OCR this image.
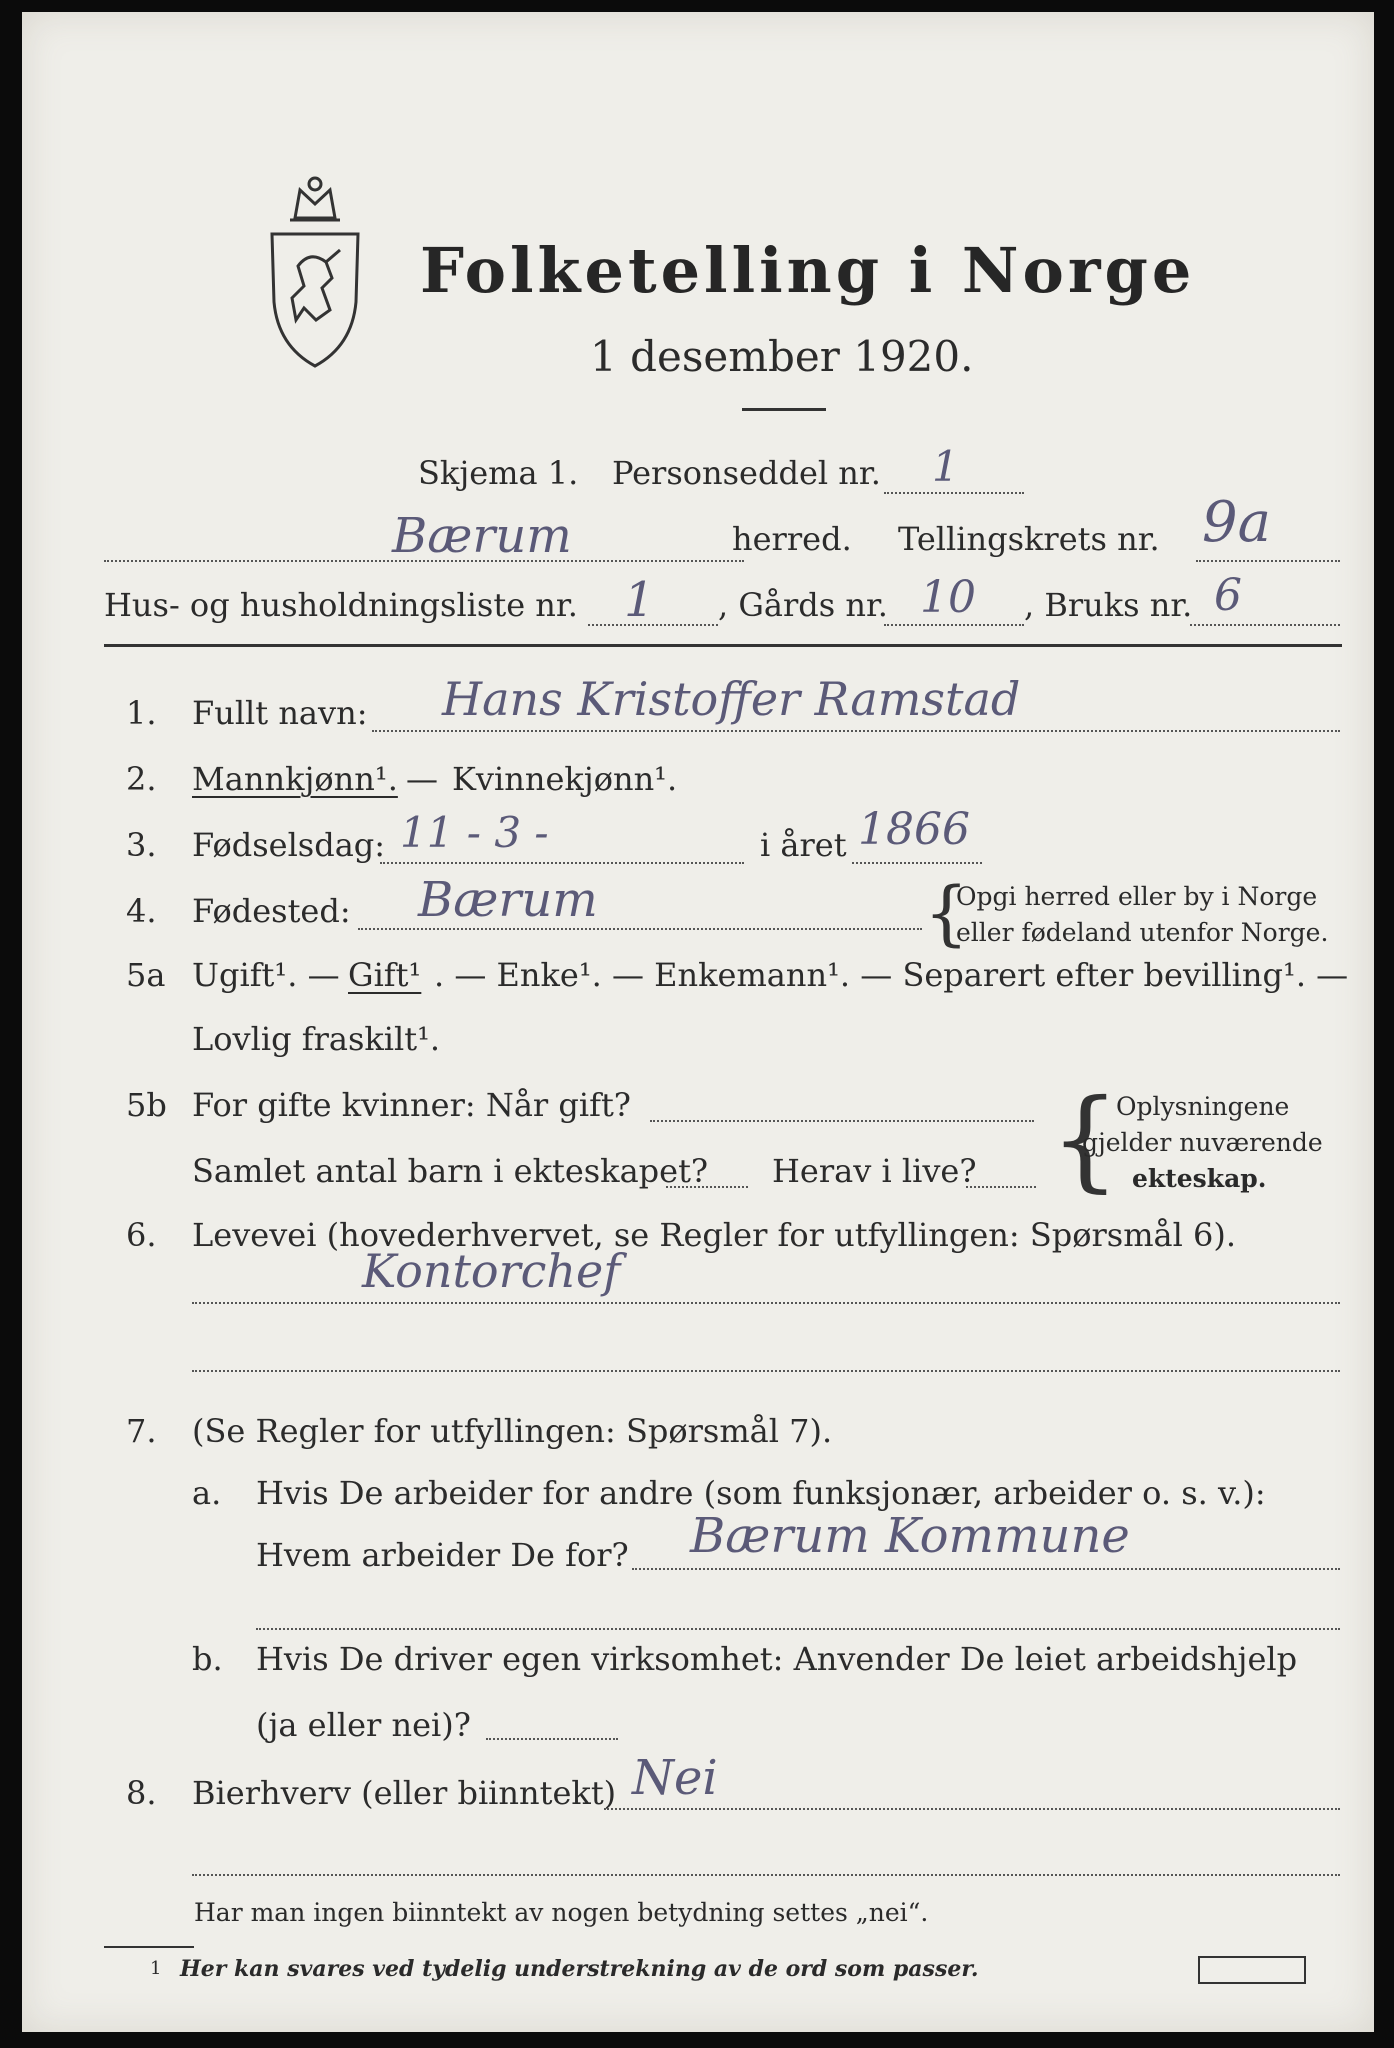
Folketelling i Norge
1 desember 1920.
Skjema 1. Personseddel nr. 1
Bærum	herred. Tellingskrets nr. 9a
Hus- og husholdningsliste nr. 1 , Gårds nr. 10 , Bruks nr. 6
1. Fullt navn: Hans Kristoffer Ramstad
2. Mannkjønn¹. — Kvinnekjønn¹.
3. Fødselsdag: 11 - 3 -	i året 1866
4. Fødested: Bærum	{
Opgi herred eller by i Norge
eller fødeland utenfor Norge.
5a Ugift¹. — Gift¹ . — Enke¹. — Enkemann¹. — Separert efter bevilling¹. —
Lovlig fraskilt¹.
5b For gifte kvinner: Når gift?
Samlet antal barn i ekteskapet? Herav i live? {
Oplysningene
gjelder nuværende
ekteskap.
6. Levevei (hovederhvervet, se Regler for utfyllingen: Spørsmål 6).
Kontorchef
7. (Se Regler for utfyllingen: Spørsmål 7).
a. Hvis De arbeider for andre (som funksjonær, arbeider o. s. v.):
Hvem arbeider De for? Bærum Kommune
b. Hvis De driver egen virksomhet: Anvender De leiet arbeidshjelp
(ja eller nei)?
8. Bierhverv (eller biinntekt) Nei
Har man ingen biinntekt av nogen betydning settes „nei“.
1 Her kan svares ved tydelig understrekning av de ord som passer.
